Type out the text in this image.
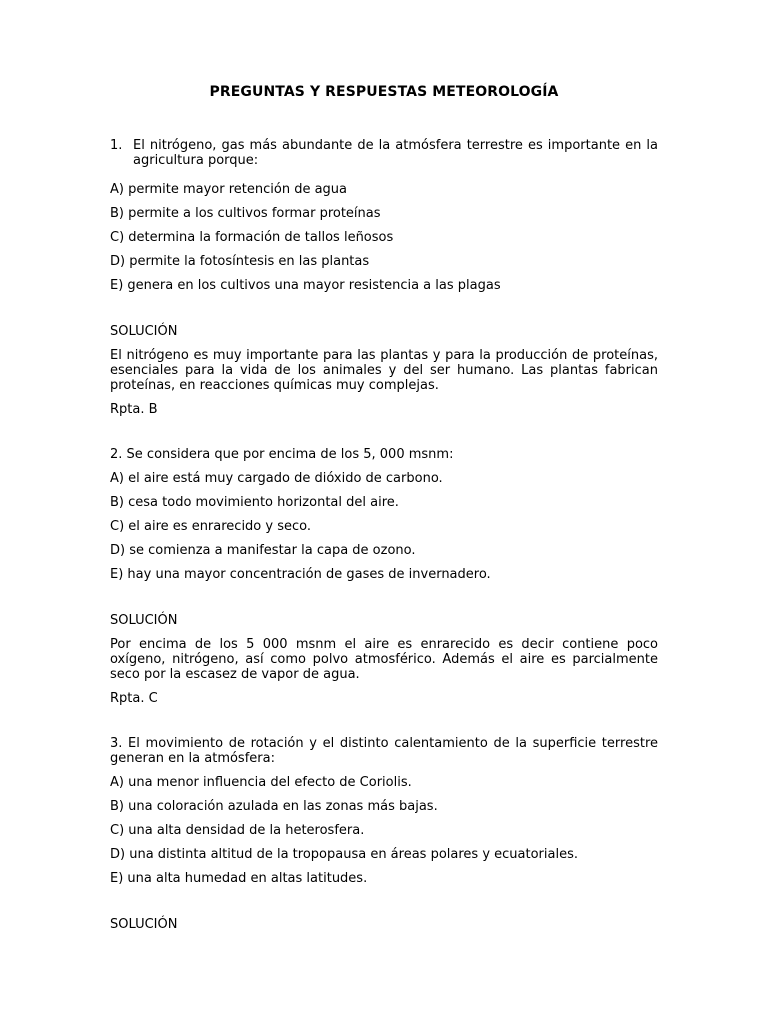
PREGUNTAS Y RESPUESTAS METEOROLOGÍA
1. El nitrógeno, gas más abundante de la atmósfera terrestre es importante en la agricultura porque:

A) permite mayor retención de agua

B) permite a los cultivos formar proteínas

C) determina la formación de tallos leñosos

D) permite la fotosíntesis en las plantas

E) genera en los cultivos una mayor resistencia a las plagas

SOLUCIÓN

El nitrógeno es muy importante para las plantas y para la producción de proteínas, esenciales para la vida de los animales y del ser humano. Las plantas fabrican proteínas, en reacciones químicas muy complejas.

Rpta. B

2. Se considera que por encima de los 5, 000 msnm:

A) el aire está muy cargado de dióxido de carbono.

B) cesa todo movimiento horizontal del aire.

C) el aire es enrarecido y seco.

D) se comienza a manifestar la capa de ozono.

E) hay una mayor concentración de gases de invernadero.

SOLUCIÓN

Por encima de los 5 000 msnm el aire es enrarecido es decir contiene poco oxígeno, nitrógeno, así como polvo atmosférico. Además el aire es parcialmente seco por la escasez de vapor de agua.

Rpta. C

3. El movimiento de rotación y el distinto calentamiento de la superficie terrestre generan en la atmósfera:

A) una menor influencia del efecto de Coriolis.

B) una coloración azulada en las zonas más bajas.

C) una alta densidad de la heterosfera.

D) una distinta altitud de la tropopausa en áreas polares y ecuatoriales.

E) una alta humedad en altas latitudes.

SOLUCIÓN
